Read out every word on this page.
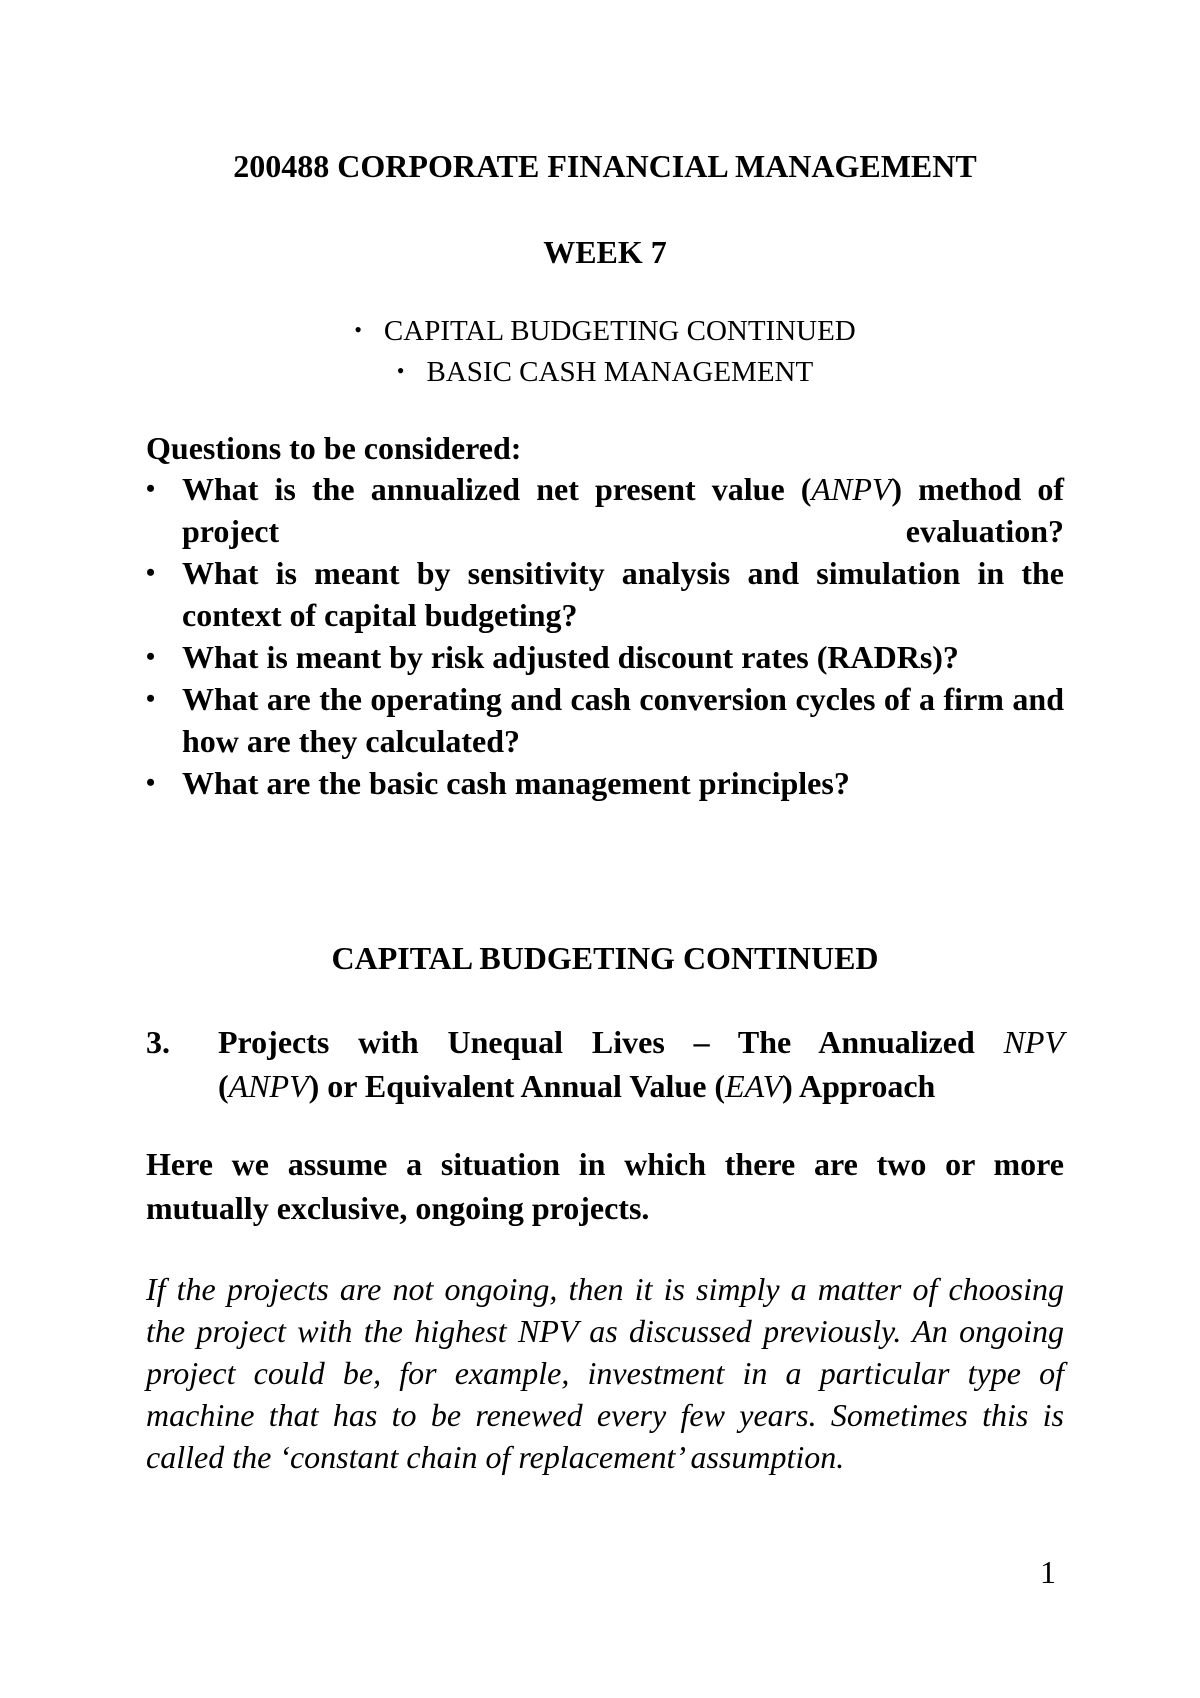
200488 CORPORATE FINANCIAL MANAGEMENT
WEEK 7
• CAPITAL BUDGETING CONTINUED
• BASIC CASH MANAGEMENT
Questions to be considered:
• What is the annualized net present value (ANPV) method of project evaluation?
• What is meant by sensitivity analysis and simulation in the context of capital budgeting?
• What is meant by risk adjusted discount rates (RADRs)?
• What are the operating and cash conversion cycles of a firm and how are they calculated?
• What are the basic cash management principles?
CAPITAL BUDGETING CONTINUED
3. Projects with Unequal Lives – The Annualized NPV
(ANPV) or Equivalent Annual Value (EAV) Approach
Here we assume a situation in which there are two or more mutually exclusive, ongoing projects.
If the projects are not ongoing, then it is simply a matter of choosing the project with the highest NPV as discussed previously. An ongoing project could be, for example, investment in a particular type of machine that has to be renewed every few years. Sometimes this is called the ‘constant chain of replacement’ assumption.
1
